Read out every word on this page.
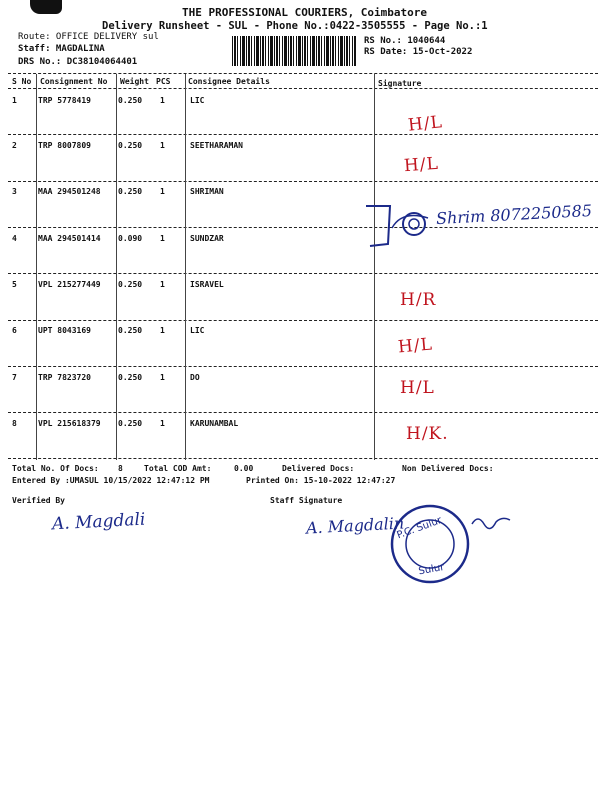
THE PROFESSIONAL COURIERS, Coimbatore
Delivery Runsheet - SUL - Phone No.:0422-3505555 - Page No.:1
Route: OFFICE DELIVERY sul
Staff: MAGDALINA
DRS No.: DC38104064401
RS No.: 1040644
RS Date: 15-Oct-2022
S No Consignment No Weight PCS Consignee Details	Signature
1	TRP 5778419	0.250 1	LIC
H/L
2	TRP 8007809	0.250 1	SEETHARAMAN
H/L
3	MAA 294501248 0.250 1	SHRIMAN
Shrim 8072250585
4	MAA 294501414 0.090 1	SUNDZAR
5	VPL 215277449 0.250 1	ISRAVEL
H/R
6	UPT 8043169	0.250 1	LIC
H/L
7	TRP 7823720	0.250 1	DO
H/L
8	VPL 215618379 0.250 1	KARUNAMBAL
H/K.
Total No. Of Docs: 8	Total COD Amt:	0.00	Delivered Docs:	Non Delivered Docs:
Entered By :UMASUL 10/15/2022 12:47:12 PM	Printed On: 15-10-2022 12:47:27
Verified By	Staff Signature
A. Magdali	A. Magdalin
P.C. Sulur
Sulur
